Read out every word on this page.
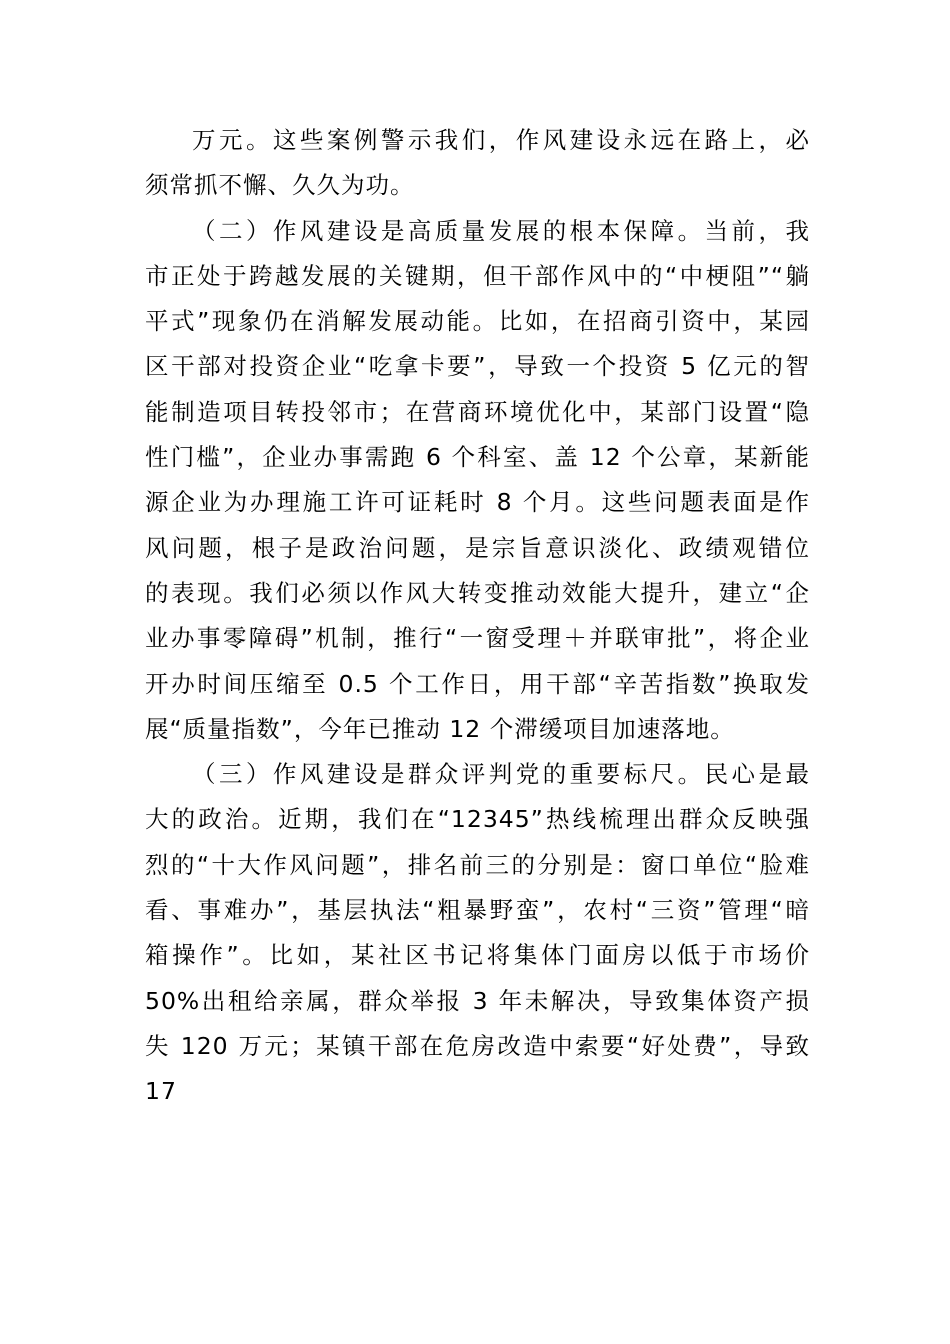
万元。这些案例警示我们，作风建设永远在路上，必
须常抓不懈、久久为功。
（二）作风建设是高质量发展的根本保障。当前，我
市正处于跨越发展的关键期，但干部作风中的“中梗阻”“躺
平式”现象仍在消解发展动能。比如，在招商引资中，某园
区干部对投资企业“吃拿卡要”，导致一个投资 5 亿元的智
能制造项目转投邻市；在营商环境优化中，某部门设置“隐
性门槛”，企业办事需跑 6 个科室、盖 12 个公章，某新能
源企业为办理施工许可证耗时 8 个月。这些问题表面是作
风问题，根子是政治问题，是宗旨意识淡化、政绩观错位
的表现。我们必须以作风大转变推动效能大提升，建立“企
业办事零障碍”机制，推行“一窗受理＋并联审批”，将企业
开办时间压缩至 0.5 个工作日，用干部“辛苦指数”换取发
展“质量指数”，今年已推动 12 个滞缓项目加速落地。
（三）作风建设是群众评判党的重要标尺。民心是最
大的政治。近期，我们在“12345”热线梳理出群众反映强
烈的“十大作风问题”，排名前三的分别是：窗口单位“脸难
看、事难办”，基层执法“粗暴野蛮”，农村“三资”管理“暗
箱操作”。比如，某社区书记将集体门面房以低于市场价
50%出租给亲属，群众举报 3 年未解决，导致集体资产损
失 120 万元；某镇干部在危房改造中索要“好处费”，导致
17
